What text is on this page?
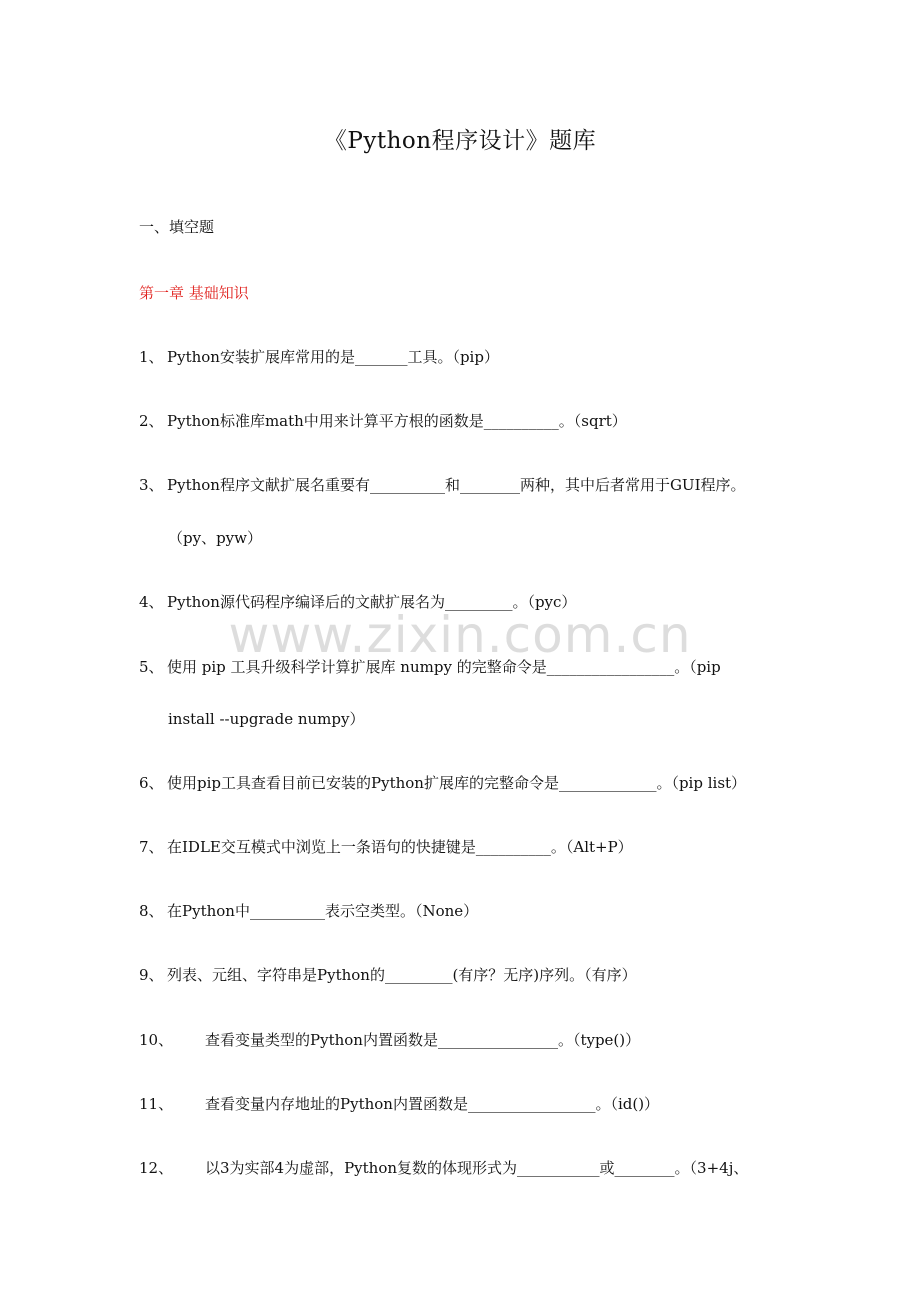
《Python程序设计》题库
一、填空题
第一章 基础知识
1、 Python安装扩展库常用的是_______工具。（pip）
2、 Python标准库math中用来计算平方根的函数是__________。（sqrt）
3、 Python程序文献扩展名重要有__________和________两种，其中后者常用于GUI程序。
（py、pyw）
4、 Python源代码程序编译后的文献扩展名为_________。（pyc）
www.zixin.com.cn
5、 使用 pip 工具升级科学计算扩展库 numpy 的完整命令是_________________。（pip
install --upgrade numpy）
6、 使用pip工具查看目前已安装的Python扩展库的完整命令是_____________。（pip list）
7、 在IDLE交互模式中浏览上一条语句的快捷键是__________。（Alt+P）
8、 在Python中__________表示空类型。（None）
9、 列表、元组、字符串是Python的_________(有序？无序)序列。（有序）
10、 查看变量类型的Python内置函数是________________。（type()）
11、 查看变量内存地址的Python内置函数是_________________。（id()）
12、 以3为实部4为虚部，Python复数的体现形式为___________或________。（3+4j、
